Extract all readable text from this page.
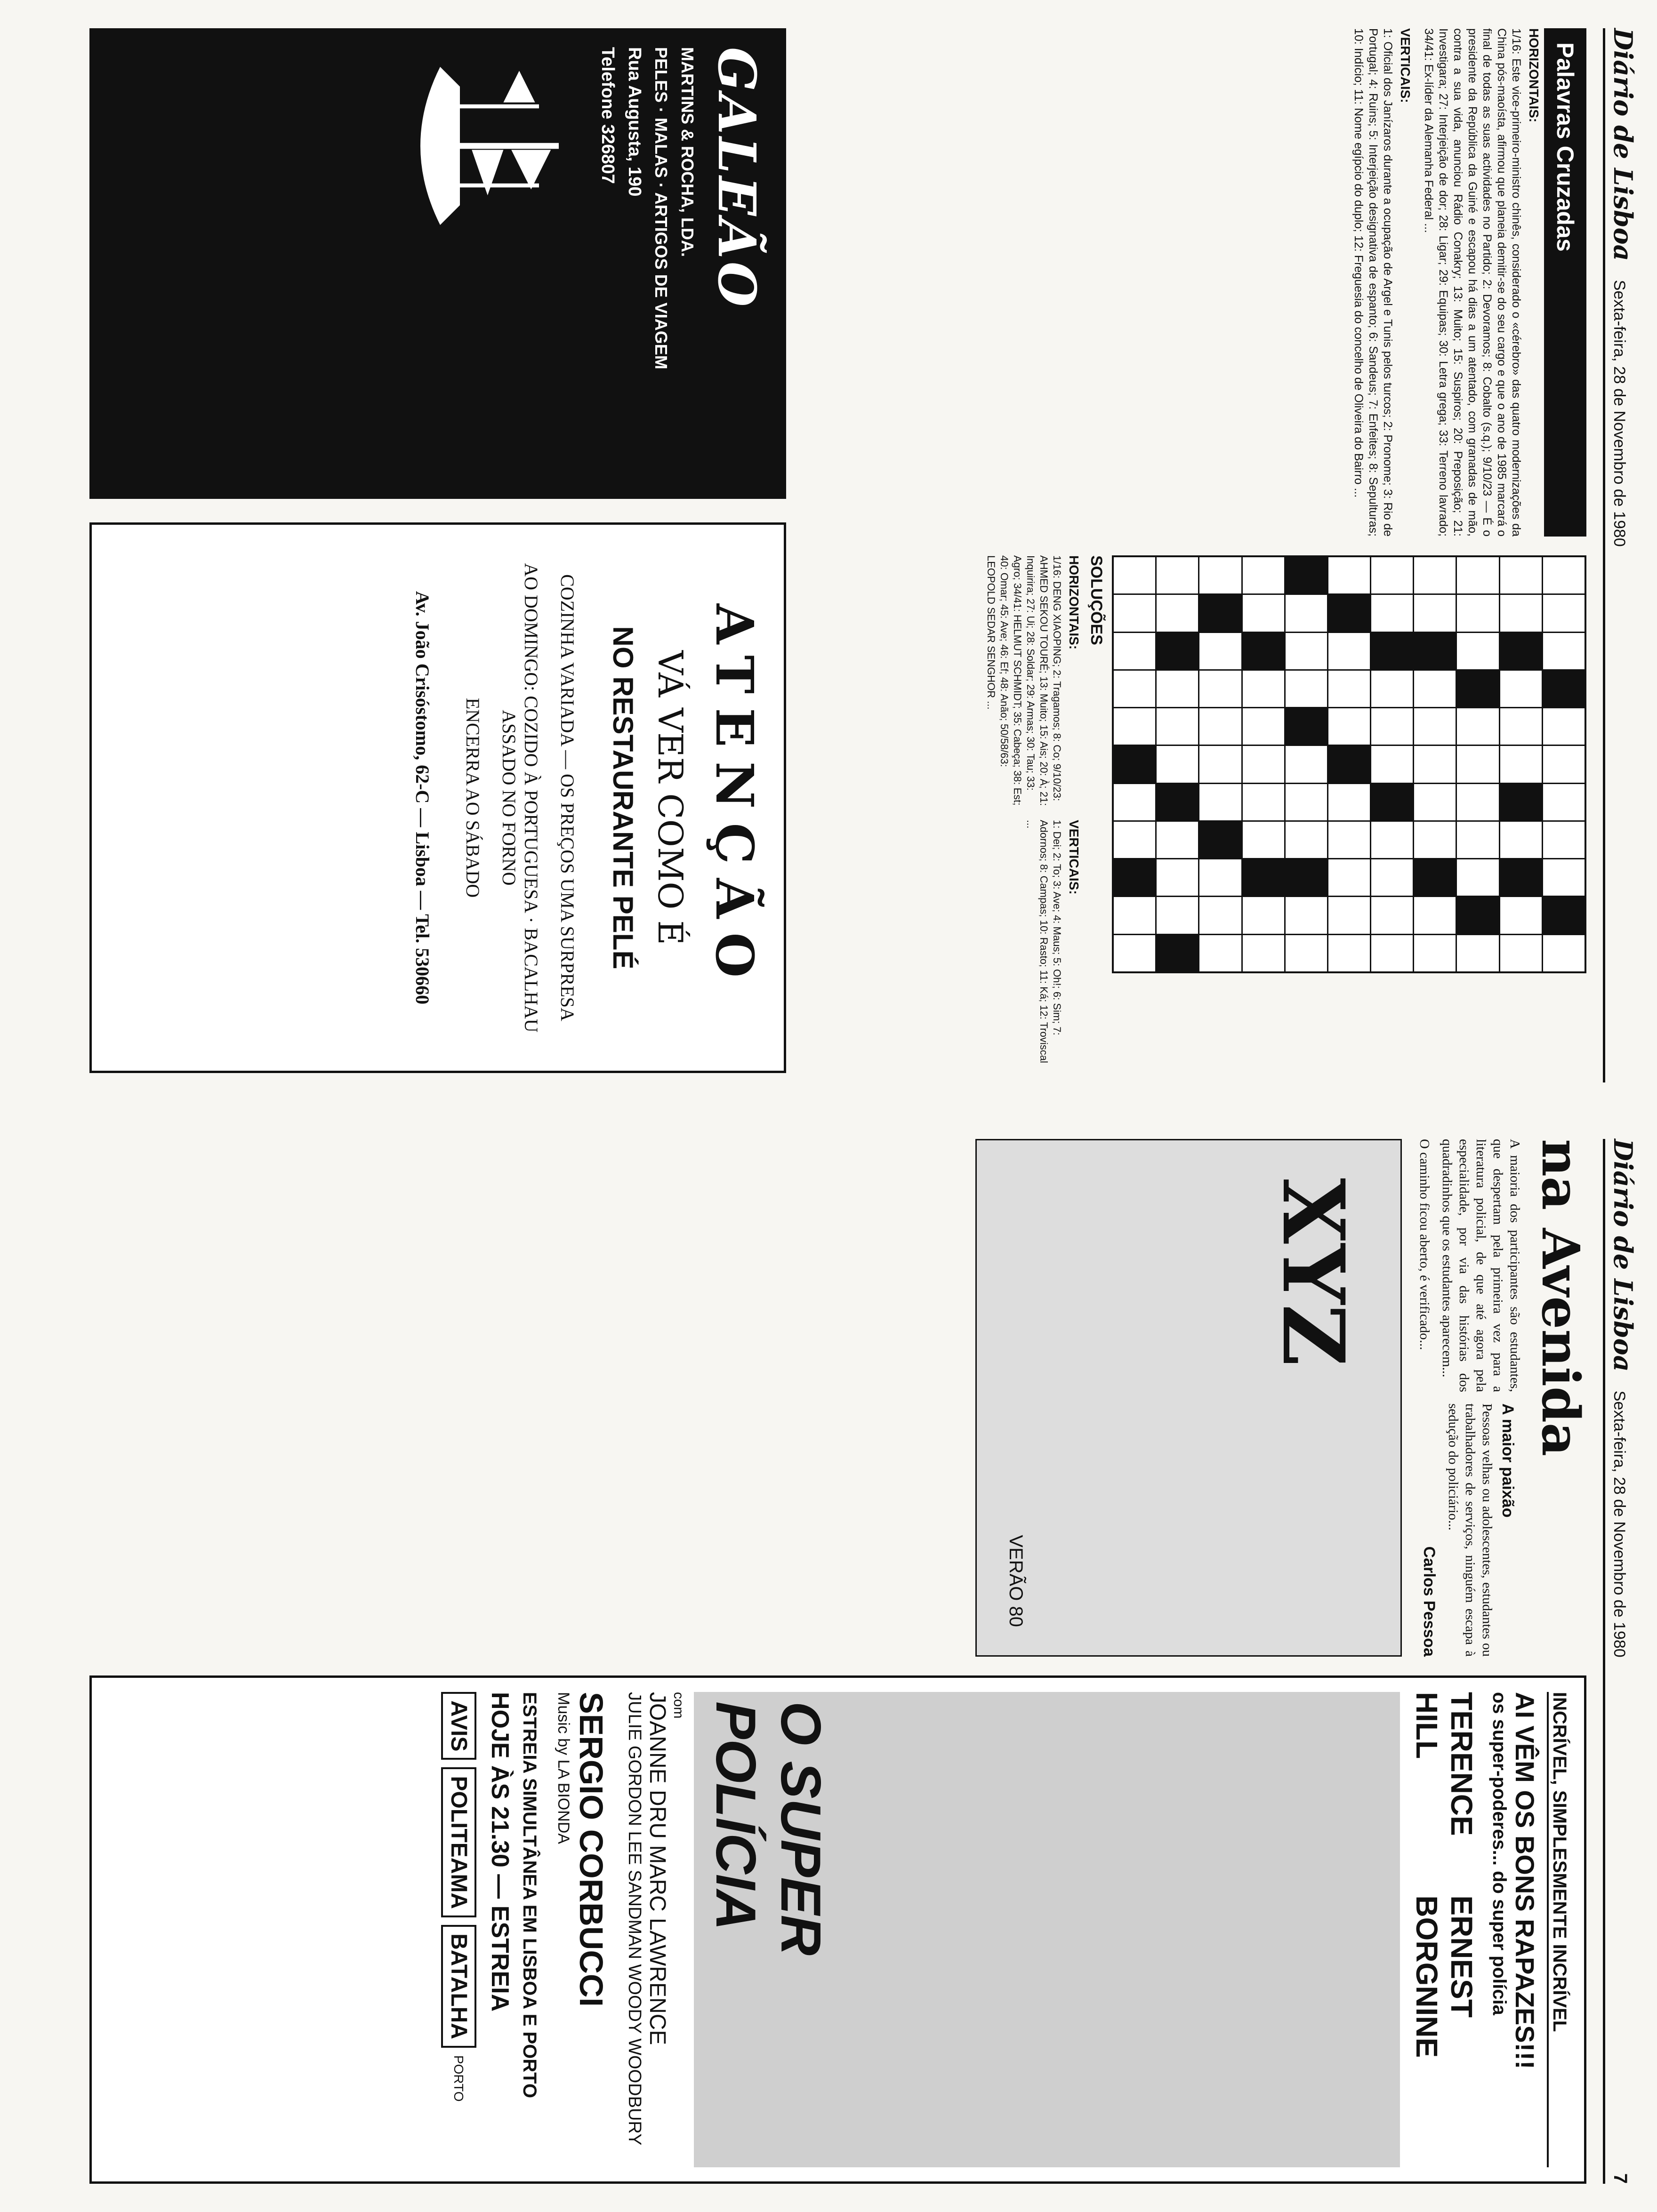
Diário de Lisboa
Sexta-feira, 28 de Novembro de 1980
Palavras Cruzadas
HORIZONTAIS:
1/16: Este vice-primeiro-ministro chinês, considerado o «cérebro» das quatro modernizações da China pós-maoísta, afirmou que planeia demitir-se do seu cargo e que o ano de 1985 marcará o final de todas as suas actividades no Partido; 2: Devoramos; 8: Cobalto (s.q.); 9/10/23 — É o presidente da República da Guiné e escapou há dias a um atentado, com granadas de mão, contra a sua vida, anunciou Rádio Conakry; 13: Muito; 15: Suspiros; 20: Preposição; 21: Investigara; 27: Interjeição de dor; 28: Ligar; 29: Equipas; 30: Letra grega; 33: Terreno lavrado; 34/41: Ex-líder da Alemanha Federal ...
VERTICAIS:
1: Oficial dos Janízaros durante a ocupação de Argel e Tunis pelos turcos; 2: Pronome; 3: Rio de Portugal; 4: Ruins; 5: Interjeição designativa de espanto; 6: Sandeus; 7: Enfeites; 8: Sepulturas; 10: Indício; 11: Nome egípcio do duplo; 12: Freguesia do concelho de Oliveira do Bairro ...
SOLUÇÕES
HORIZONTAIS:
1/16: DENG XIAOPING; 2: Tragamos; 8: Co; 9/10/23: AHMED SEKOU TOURÉ; 13: Muito; 15: Ais; 20: À; 21: Inquirira; 27: Ui; 28: Soldar; 29: Armas; 30: Tau; 33: Agro; 34/41: HELMUT SCHMIDT; 35: Cabeça; 38: Est; 40: Omar; 45: Ave; 46: Ef; 48: Anão; 50/58/63: LEOPOLD SEDAR SENGHOR ...
VERTICAIS:
1: Dei; 2: To; 3: Ave; 4: Maus; 5: Oh!; 6: Sim; 7: Adornos; 8: Campas; 10: Rasto; 11: Ká; 12: Troviscal ...
GALEÃO
MARTINS & ROCHA, LDA.
PELES · MALAS · ARTIGOS DE VIAGEM
Rua Augusta, 190
Telefone 326807
ATENÇÃO
VÁ VER COMO É
NO RESTAURANTE PELÉ
COZINHA VARIADA — OS PREÇOS UMA SURPRESA
AO DOMINGO: COZIDO À PORTUGUESA · BACALHAU ASSADO NO FORNO
ENCERRA AO SÁBADO
Av. João Crisóstomo, 62-C — Lisboa — Tel. 530660
Diário de Lisboa
Sexta-feira, 28 de Novembro de 1980
7
na Avenida
A maioria dos participantes são estudantes, que despertam pela primeira vez para a literatura policial, de que até agora pela especialidade, por via das histórias dos quadradinhos que os estudantes aparecem...
O caminho ficou aberto, é verificado...
A maior paixão
Pessoas velhas ou adolescentes, estudantes ou trabalhadores de serviços, ninguém escapa à sedução do policiário...
Carlos Pessoa
XYZ
VERÃO 80
INCRÍVEL, SIMPLESMENTE INCRÍVEL
AI VÊM OS BONS RAPAZES!!!
os super-poderes... do super polícia
TERENCE HILL
ERNEST BORGNINE
O SUPER POLÍCIA
com
JOANNE DRU MARC LAWRENCE
JULIE GORDON LEE SANDMAN WOODY WOODBURY
SERGIO CORBUCCI
Music by LA BIONDA
ESTREIA SIMULTÂNEA EM LISBOA E PORTO
HOJE ÀS 21.30 — ESTREIA
AVIS
POLITEAMA
BATALHA
PORTO
